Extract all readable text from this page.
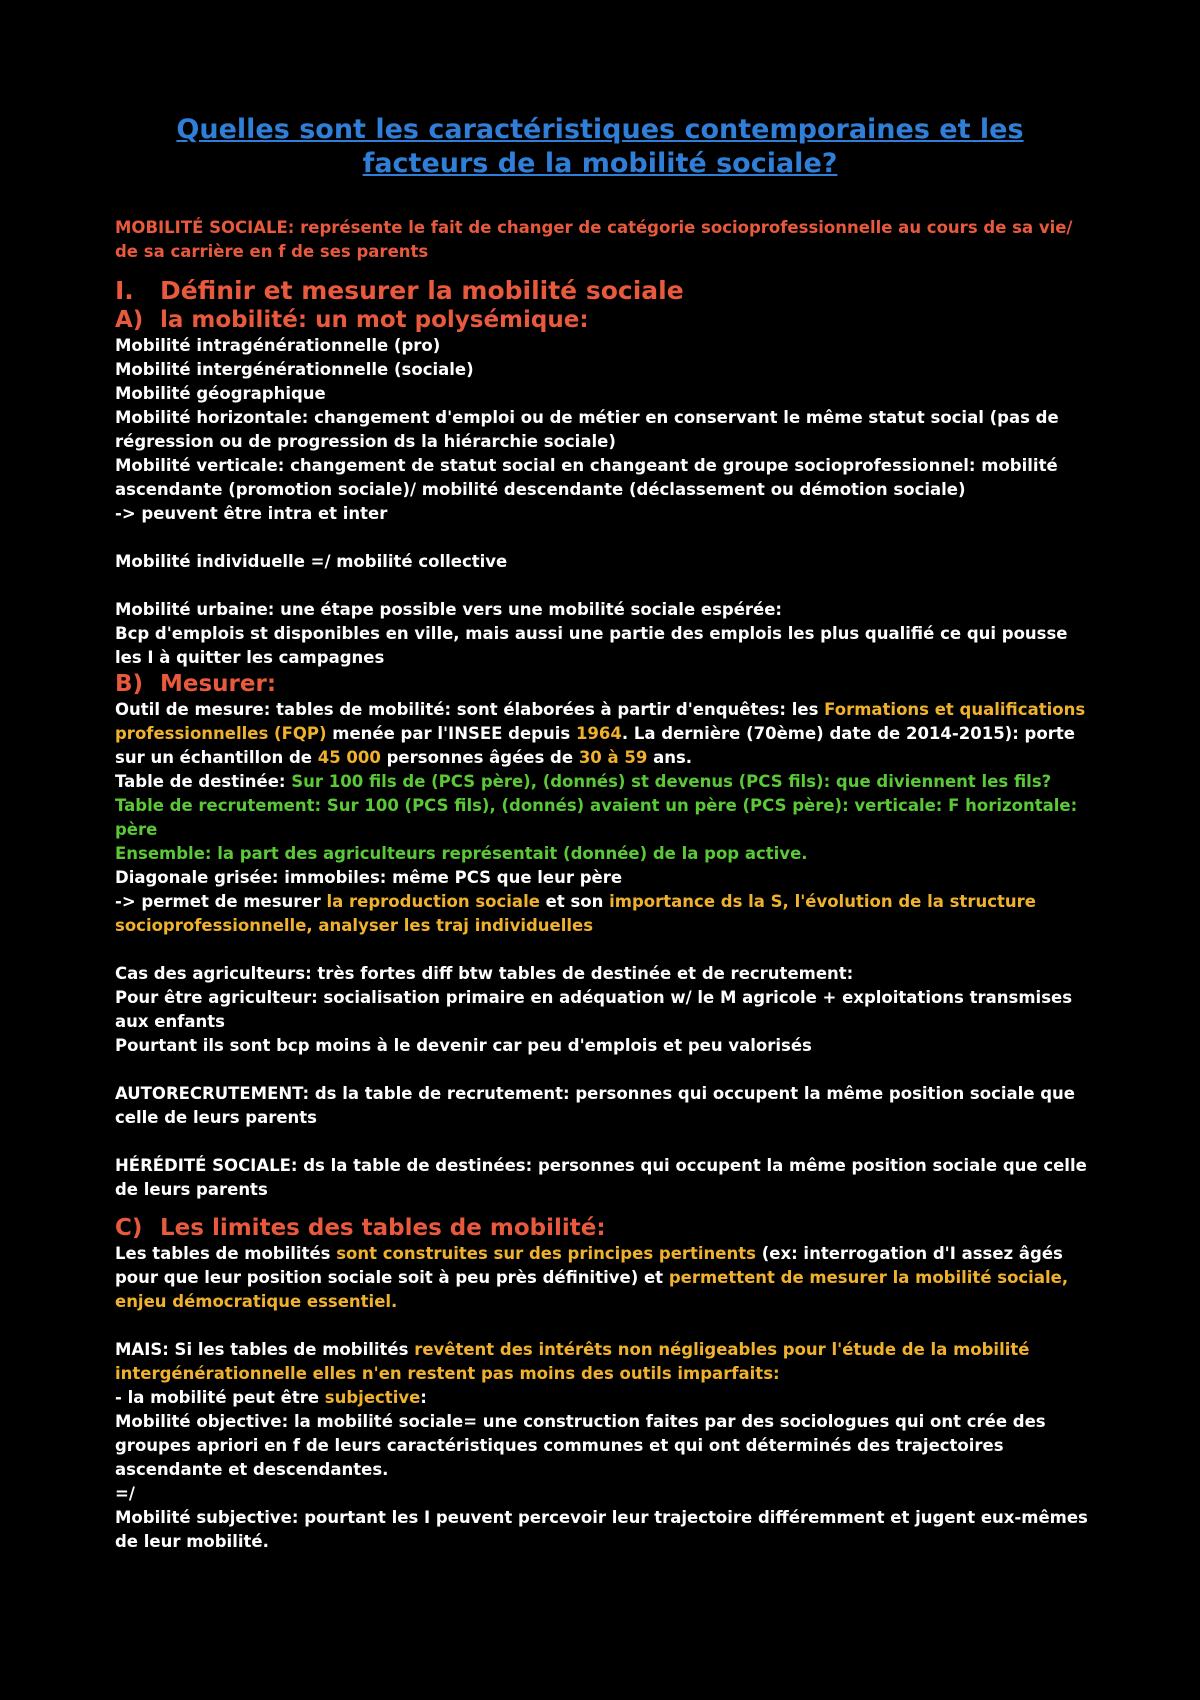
Quelles sont les caractéristiques contemporaines et les facteurs de la mobilité sociale?
MOBILITÉ SOCIALE: représente le fait de changer de catégorie socioprofessionnelle au cours de sa vie/ de sa carrière en f de ses parents
I. Définir et mesurer la mobilité sociale
A) la mobilité: un mot polysémique:
Mobilité intragénérationnelle (pro)
Mobilité intergénérationnelle (sociale)
Mobilité géographique
Mobilité horizontale: changement d'emploi ou de métier en conservant le même statut social (pas de régression ou de progression ds la hiérarchie sociale)
Mobilité verticale: changement de statut social en changeant de groupe socioprofessionnel: mobilité ascendante (promotion sociale)/ mobilité descendante (déclassement ou démotion sociale)
-> peuvent être intra et inter
Mobilité individuelle =/ mobilité collective
Mobilité urbaine: une étape possible vers une mobilité sociale espérée:
Bcp d'emplois st disponibles en ville, mais aussi une partie des emplois les plus qualifié ce qui pousse les I à quitter les campagnes
B) Mesurer:
Outil de mesure: tables de mobilité: sont élaborées à partir d'enquêtes: les Formations et qualifications professionnelles (FQP) menée par l'INSEE depuis 1964. La dernière (70ème) date de 2014-2015): porte sur un échantillon de 45 000 personnes âgées de 30 à 59 ans.
Table de destinée: Sur 100 fils de (PCS père), (donnés) st devenus (PCS fils): que diviennent les fils?
Table de recrutement: Sur 100 (PCS fils), (donnés) avaient un père (PCS père): verticale: F horizontale: père
Ensemble: la part des agriculteurs représentait (donnée) de la pop active.
Diagonale grisée: immobiles: même PCS que leur père
-> permet de mesurer la reproduction sociale et son importance ds la S, l'évolution de la structure socioprofessionnelle, analyser les traj individuelles
Cas des agriculteurs: très fortes diff btw tables de destinée et de recrutement:
Pour être agriculteur: socialisation primaire en adéquation w/ le M agricole + exploitations transmises aux enfants
Pourtant ils sont bcp moins à le devenir car peu d'emplois et peu valorisés
AUTORECRUTEMENT: ds la table de recrutement: personnes qui occupent la même position sociale que celle de leurs parents
HÉRÉDITÉ SOCIALE: ds la table de destinées: personnes qui occupent la même position sociale que celle de leurs parents
C) Les limites des tables de mobilité:
Les tables de mobilités sont construites sur des principes pertinents (ex: interrogation d'I assez âgés pour que leur position sociale soit à peu près définitive) et permettent de mesurer la mobilité sociale, enjeu démocratique essentiel.
MAIS: Si les tables de mobilités revêtent des intérêts non négligeables pour l'étude de la mobilité intergénérationnelle elles n'en restent pas moins des outils imparfaits:
- la mobilité peut être subjective:
Mobilité objective: la mobilité sociale= une construction faites par des sociologues qui ont crée des groupes apriori en f de leurs caractéristiques communes et qui ont déterminés des trajectoires ascendante et descendantes.
=/
Mobilité subjective: pourtant les I peuvent percevoir leur trajectoire différemment et jugent eux-mêmes de leur mobilité.
